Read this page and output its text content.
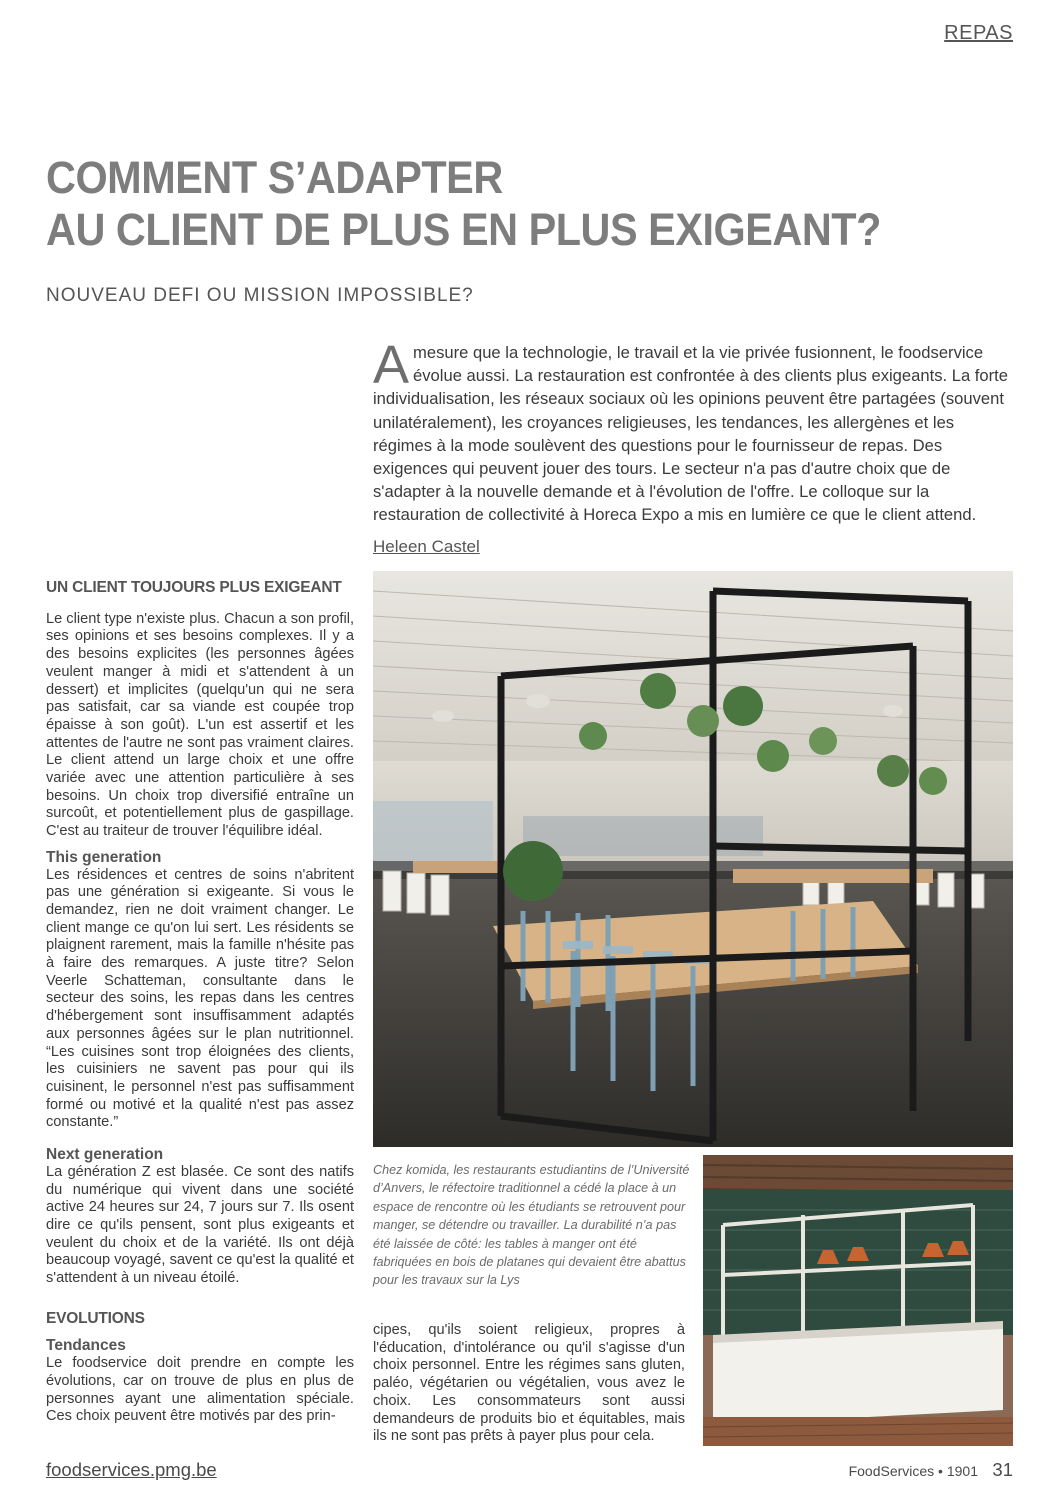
REPAS
COMMENT S’ADAPTER
AU CLIENT DE PLUS EN PLUS EXIGEANT?
NOUVEAU DEFI OU MISSION IMPOSSIBLE?

A mesure que la technologie, le travail et la vie privée fusionnent, le foodservice évolue aussi. La restauration est confrontée à des clients plus exigeants. La forte individualisation, les réseaux sociaux où les opinions peuvent être partagées (souvent unilatéralement), les croyances religieuses, les tendances, les allergènes et les régimes à la mode soulèvent des questions pour le fournisseur de repas. Des exigences qui peuvent jouer des tours. Le secteur n'a pas d'autre choix que de s'adapter à la nouvelle demande et à l'évolution de l'offre. Le colloque sur la restauration de collectivité à Horeca Expo a mis en lumière ce que le client attend.

Heleen Castel
UN CLIENT TOUJOURS PLUS EXIGEANT

Le client type n'existe plus. Chacun a son profil, ses opinions et ses besoins complexes. Il y a des besoins explicites (les personnes âgées veulent manger à midi et s'attendent à un dessert) et implicites (quelqu'un qui ne sera pas satisfait, car sa viande est coupée trop épaisse à son goût). L'un est assertif et les attentes de l'autre ne sont pas vraiment claires. Le client attend un large choix et une offre variée avec une attention particulière à ses besoins. Un choix trop diversifié entraîne un surcoût, et potentiellement plus de gaspillage. C'est au traiteur de trouver l'équilibre idéal.

This generation

Les résidences et centres de soins n'abritent pas une génération si exigeante. Si vous le demandez, rien ne doit vraiment changer. Le client mange ce qu'on lui sert. Les résidents se plaignent rarement, mais la famille n'hésite pas à faire des remarques. A juste titre? Selon Veerle Schatteman, consultante dans le secteur des soins, les repas dans les centres d'hébergement sont insuffisamment adaptés aux personnes âgées sur le plan nutritionnel. “Les cuisines sont trop éloignées des clients, les cuisiniers ne savent pas pour qui ils cuisinent, le personnel n'est pas suffisamment formé ou motivé et la qualité n'est pas assez constante.”

Next generation

La génération Z est blasée. Ce sont des natifs du numérique qui vivent dans une société active 24 heures sur 24, 7 jours sur 7. Ils osent dire ce qu'ils pensent, sont plus exigeants et veulent du choix et de la variété. Ils ont déjà beaucoup voyagé, savent ce qu'est la qualité et s'attendent à un niveau étoilé.

EVOLUTIONS
Tendances

Le foodservice doit prendre en compte les évolutions, car on trouve de plus en plus de personnes ayant une alimentation spéciale. Ces choix peuvent être motivés par des prin-

Chez komida, les restaurants estudiantins de l’Université d’Anvers, le réfectoire traditionnel a cédé la place à un espace de rencontre où les étudiants se retrouvent pour manger, se détendre ou travailler. La durabilité n’a pas été laissée de côté: les tables à manger ont été fabriquées en bois de platanes qui devaient être abattus pour les travaux sur la Lys

cipes, qu'ils soient religieux, propres à l'éducation, d'intolérance ou qu'il s'agisse d'un choix personnel. Entre les régimes sans gluten, paléo, végétarien ou végétalien, vous avez le choix. Les consommateurs sont aussi demandeurs de produits bio et équitables, mais ils ne sont pas prêts à payer plus pour cela.

foodservices.pmg.be	FoodServices • 1901 31
